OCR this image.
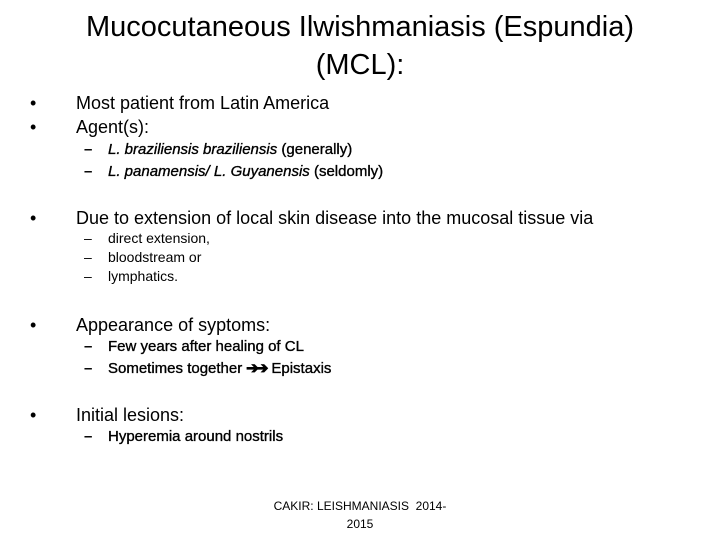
Mucocutaneous Ilwishmaniasis (Espundia)
(MCL):
• Most patient from Latin America
• Agent(s):
– L. braziliensis braziliensis (generally)
– L. panamensis/ L. Guyanensis (seldomly)
• Due to extension of local skin disease into the mucosal tissue via
– direct extension,
– bloodstream or
– lymphatics.
• Appearance of syptoms:
– Few years after healing of CL
– Sometimes together ➔➔ Epistaxis
• Initial lesions:
– Hyperemia around nostrils
CAKIR: LEISHMANIASIS  2014-
2015
